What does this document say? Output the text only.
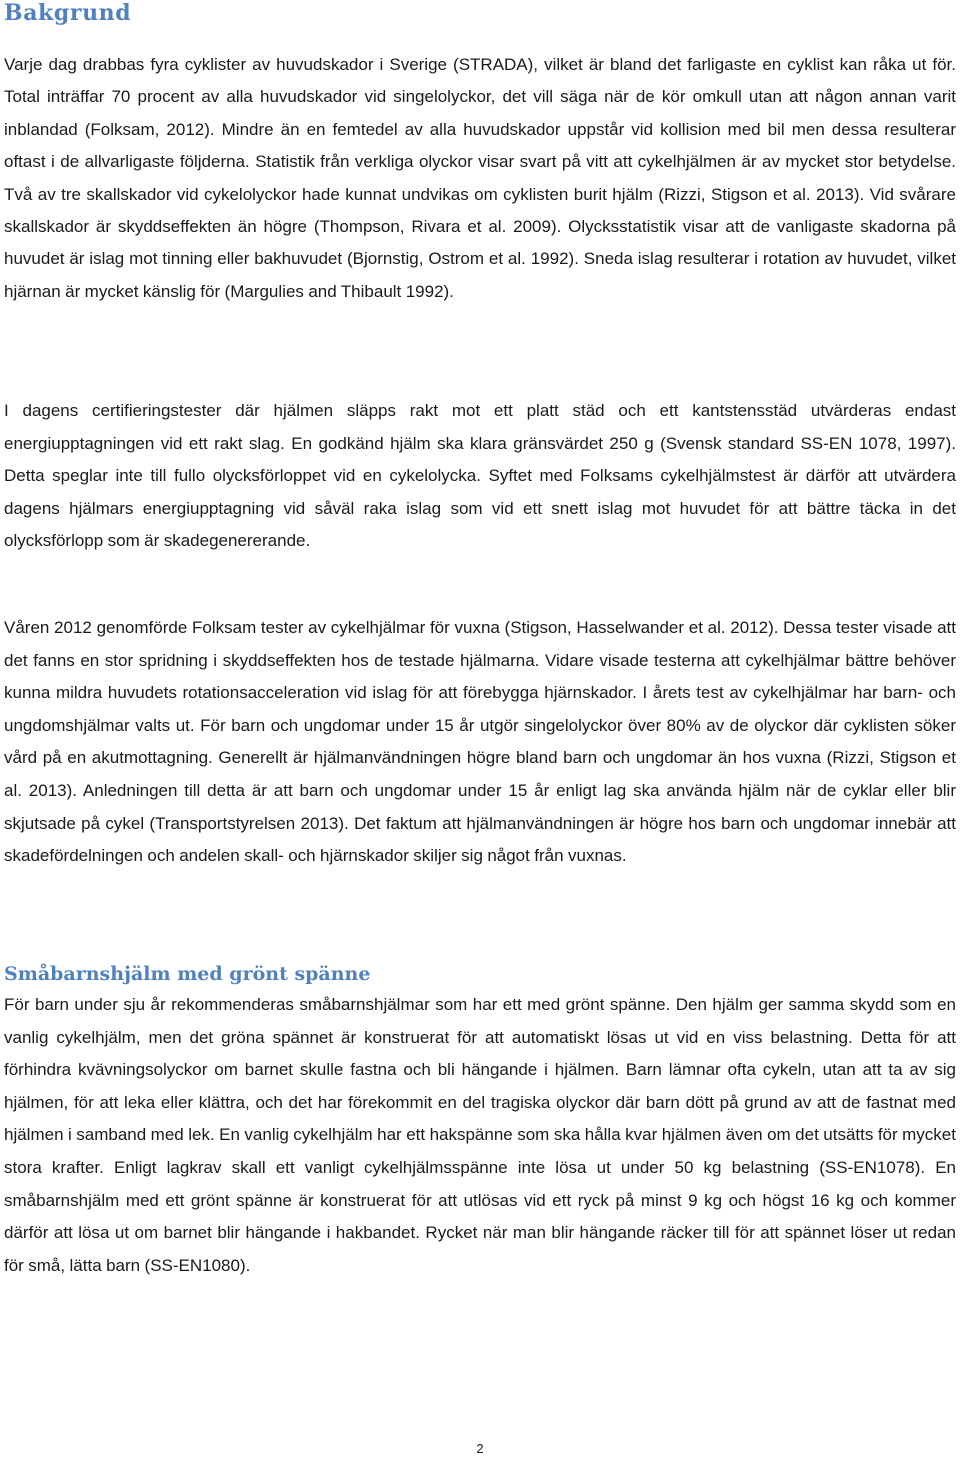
Bakgrund

Varje dag drabbas fyra cyklister av huvudskador i Sverige (STRADA), vilket är bland det farligaste en cyklist kan råka ut för. Total inträffar 70 procent av alla huvudskador vid singelolyckor, det vill säga när de kör omkull utan att någon annan varit inblandad (Folksam, 2012). Mindre än en femtedel av alla huvudskador uppstår vid kollision med bil men dessa resulterar oftast i de allvarligaste följderna. Statistik från verkliga olyckor visar svart på vitt att cykelhjälmen är av mycket stor betydelse. Två av tre skallskador vid cykelolyckor hade kunnat undvikas om cyklisten burit hjälm (Rizzi, Stigson et al. 2013). Vid svårare skallskador är skyddseffekten än högre (Thompson, Rivara et al. 2009). Olycksstatistik visar att de vanligaste skadorna på huvudet är islag mot tinning eller bakhuvudet (Bjornstig, Ostrom et al. 1992). Sneda islag resulterar i rotation av huvudet, vilket hjärnan är mycket känslig för (Margulies and Thibault 1992).

I dagens certifieringstester där hjälmen släpps rakt mot ett platt städ och ett kantstensstäd utvärderas endast energiupptagningen vid ett rakt slag. En godkänd hjälm ska klara gränsvärdet 250 g (Svensk standard SS-EN 1078, 1997). Detta speglar inte till fullo olycksförloppet vid en cykelolycka. Syftet med Folksams cykelhjälmstest är därför att utvärdera dagens hjälmars energiupptagning vid såväl raka islag som vid ett snett islag mot huvudet för att bättre täcka in det olycksförlopp som är skadegenererande.

Våren 2012 genomförde Folksam tester av cykelhjälmar för vuxna (Stigson, Hasselwander et al. 2012). Dessa tester visade att det fanns en stor spridning i skyddseffekten hos de testade hjälmarna. Vidare visade testerna att cykelhjälmar bättre behöver kunna mildra huvudets rotationsacceleration vid islag för att förebygga hjärnskador. I årets test av cykelhjälmar har barn- och ungdomshjälmar valts ut. För barn och ungdomar under 15 år utgör singelolyckor över 80% av de olyckor där cyklisten söker vård på en akutmottagning. Generellt är hjälmanvändningen högre bland barn och ungdomar än hos vuxna (Rizzi, Stigson et al. 2013). Anledningen till detta är att barn och ungdomar under 15 år enligt lag ska använda hjälm när de cyklar eller blir skjutsade på cykel (Transportstyrelsen 2013). Det faktum att hjälmanvändningen är högre hos barn och ungdomar innebär att skadefördelningen och andelen skall- och hjärnskador skiljer sig något från vuxnas.

Småbarnshjälm med grönt spänne

För barn under sju år rekommenderas småbarnshjälmar som har ett med grönt spänne. Den hjälm ger samma skydd som en vanlig cykelhjälm, men det gröna spännet är konstruerat för att automatiskt lösas ut vid en viss belastning. Detta för att förhindra kvävningsolyckor om barnet skulle fastna och bli hängande i hjälmen. Barn lämnar ofta cykeln, utan att ta av sig hjälmen, för att leka eller klättra, och det har förekommit en del tragiska olyckor där barn dött på grund av att de fastnat med hjälmen i samband med lek. En vanlig cykelhjälm har ett hakspänne som ska hålla kvar hjälmen även om det utsätts för mycket stora krafter. Enligt lagkrav skall ett vanligt cykelhjälmsspänne inte lösa ut under 50 kg belastning (SS-EN1078). En småbarnshjälm med ett grönt spänne är konstruerat för att utlösas vid ett ryck på minst 9 kg och högst 16 kg och kommer därför att lösa ut om barnet blir hängande i hakbandet. Rycket när man blir hängande räcker till för att spännet löser ut redan för små, lätta barn (SS-EN1080).

2
